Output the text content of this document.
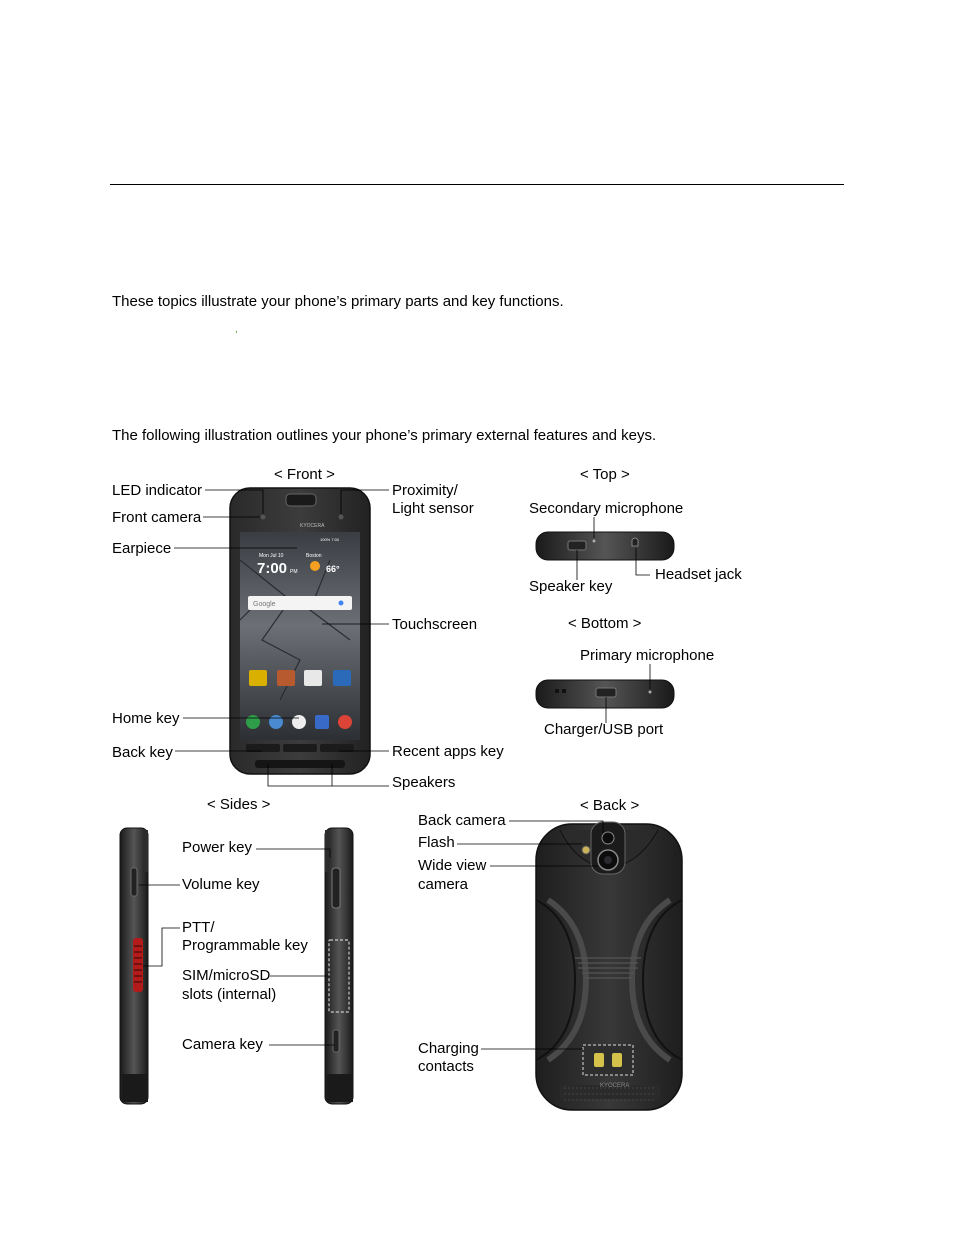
These topics illustrate your phone’s primary parts and key functions.
,
The following illustration outlines your phone’s primary external features and keys.
Mon Jul 10
7:00 PM
Boston
66°
Google
KYOCERA
100% 7:00
KYOCERA
< Front >
LED indicator
Front camera
Earpiece
Home key
Back key
Proximity/
Light sensor
Touchscreen
Recent apps key
Speakers
< Top >
Secondary microphone
Speaker key
Headset jack
< Bottom >
Primary microphone
Charger/USB port
< Sides >
Power key
Volume key
PTT/
Programmable key
SIM/microSD
slots (internal)
Camera key
< Back >
Back camera
Flash
Wide view
camera
Charging
contacts
